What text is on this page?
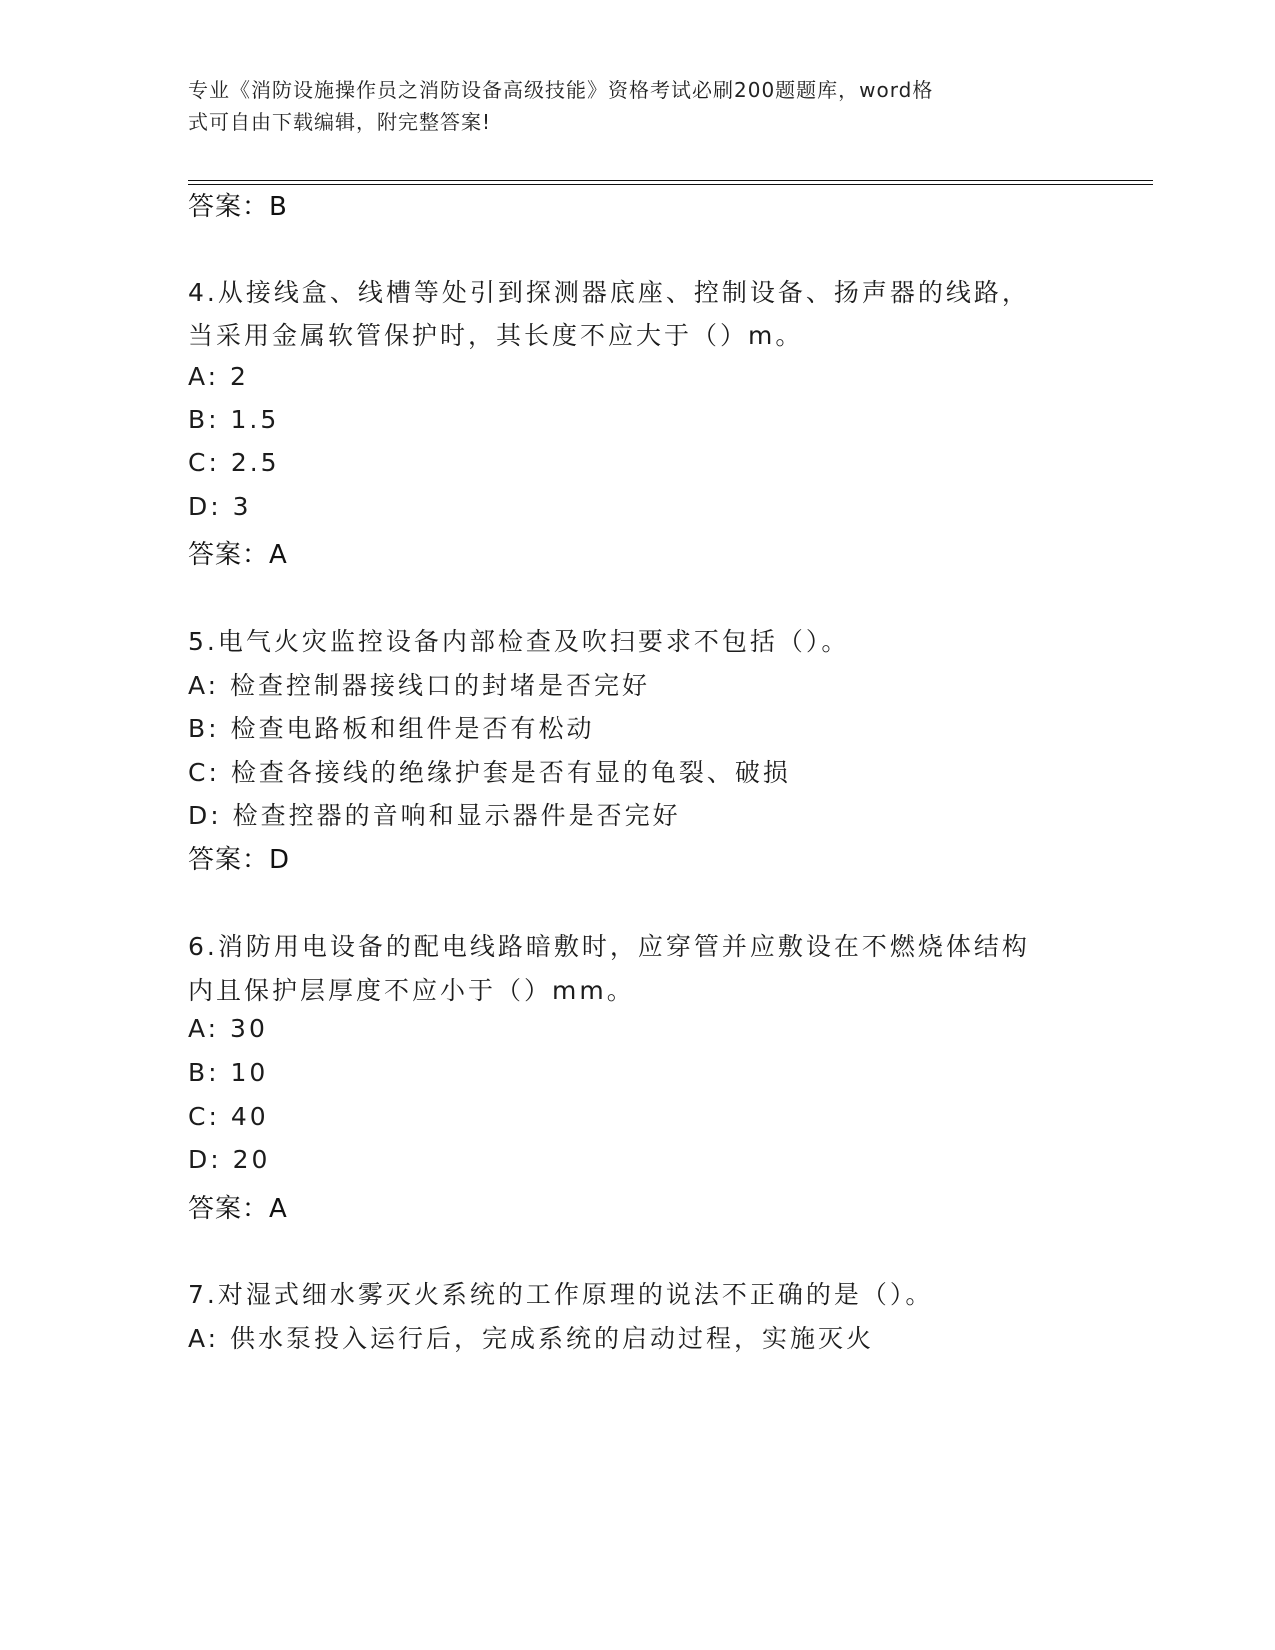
专业《消防设施操作员之消防设备高级技能》资格考试必刷200题题库，word格
式可自由下载编辑，附完整答案!
答案：B
4.从接线盒、线槽等处引到探测器底座、控制设备、扬声器的线路，
当采用金属软管保护时，其长度不应大于（）m。
A: 2
B: 1.5
C: 2.5
D: 3
答案：A
5.电气火灾监控设备内部检查及吹扫要求不包括（）。
A: 检查控制器接线口的封堵是否完好
B: 检查电路板和组件是否有松动
C: 检查各接线的绝缘护套是否有显的龟裂、破损
D: 检查控器的音响和显示器件是否完好
答案：D
6.消防用电设备的配电线路暗敷时，应穿管并应敷设在不燃烧体结构
内且保护层厚度不应小于（）mm。
A: 30
B: 10
C: 40
D: 20
答案：A
7.对湿式细水雾灭火系统的工作原理的说法不正确的是（）。
A: 供水泵投入运行后，完成系统的启动过程，实施灭火
